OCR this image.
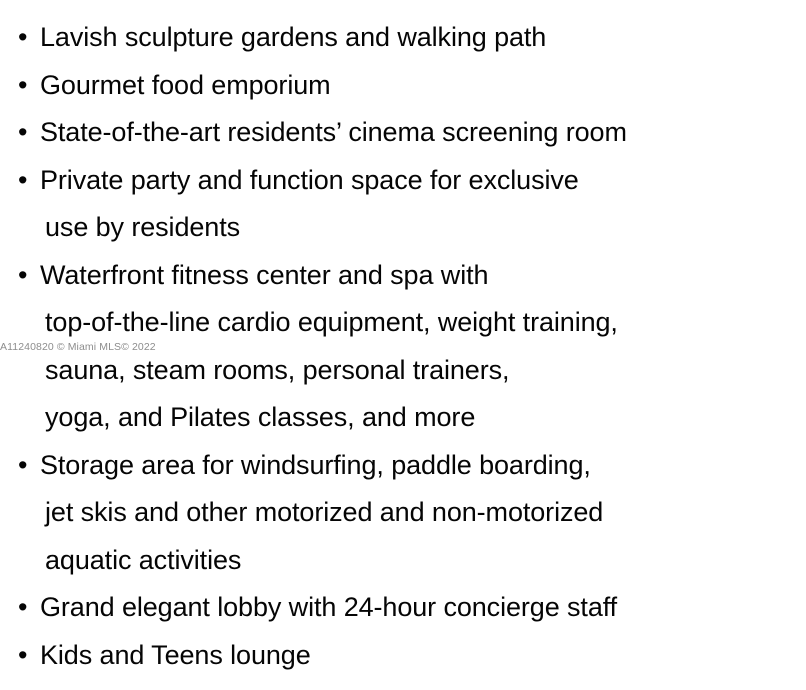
• Lavish sculpture gardens and walking path
• Gourmet food emporium
• State-of-the-art residents’ cinema screening room
• Private party and function space for exclusive
use by residents
• Waterfront fitness center and spa with
top-of-the-line cardio equipment, weight training,
sauna, steam rooms, personal trainers,
yoga, and Pilates classes, and more
• Storage area for windsurfing, paddle boarding,
jet skis and other motorized and non-motorized
aquatic activities
• Grand elegant lobby with 24-hour concierge staff
• Kids and Teens lounge
A11240820 © Miami MLS© 2022
